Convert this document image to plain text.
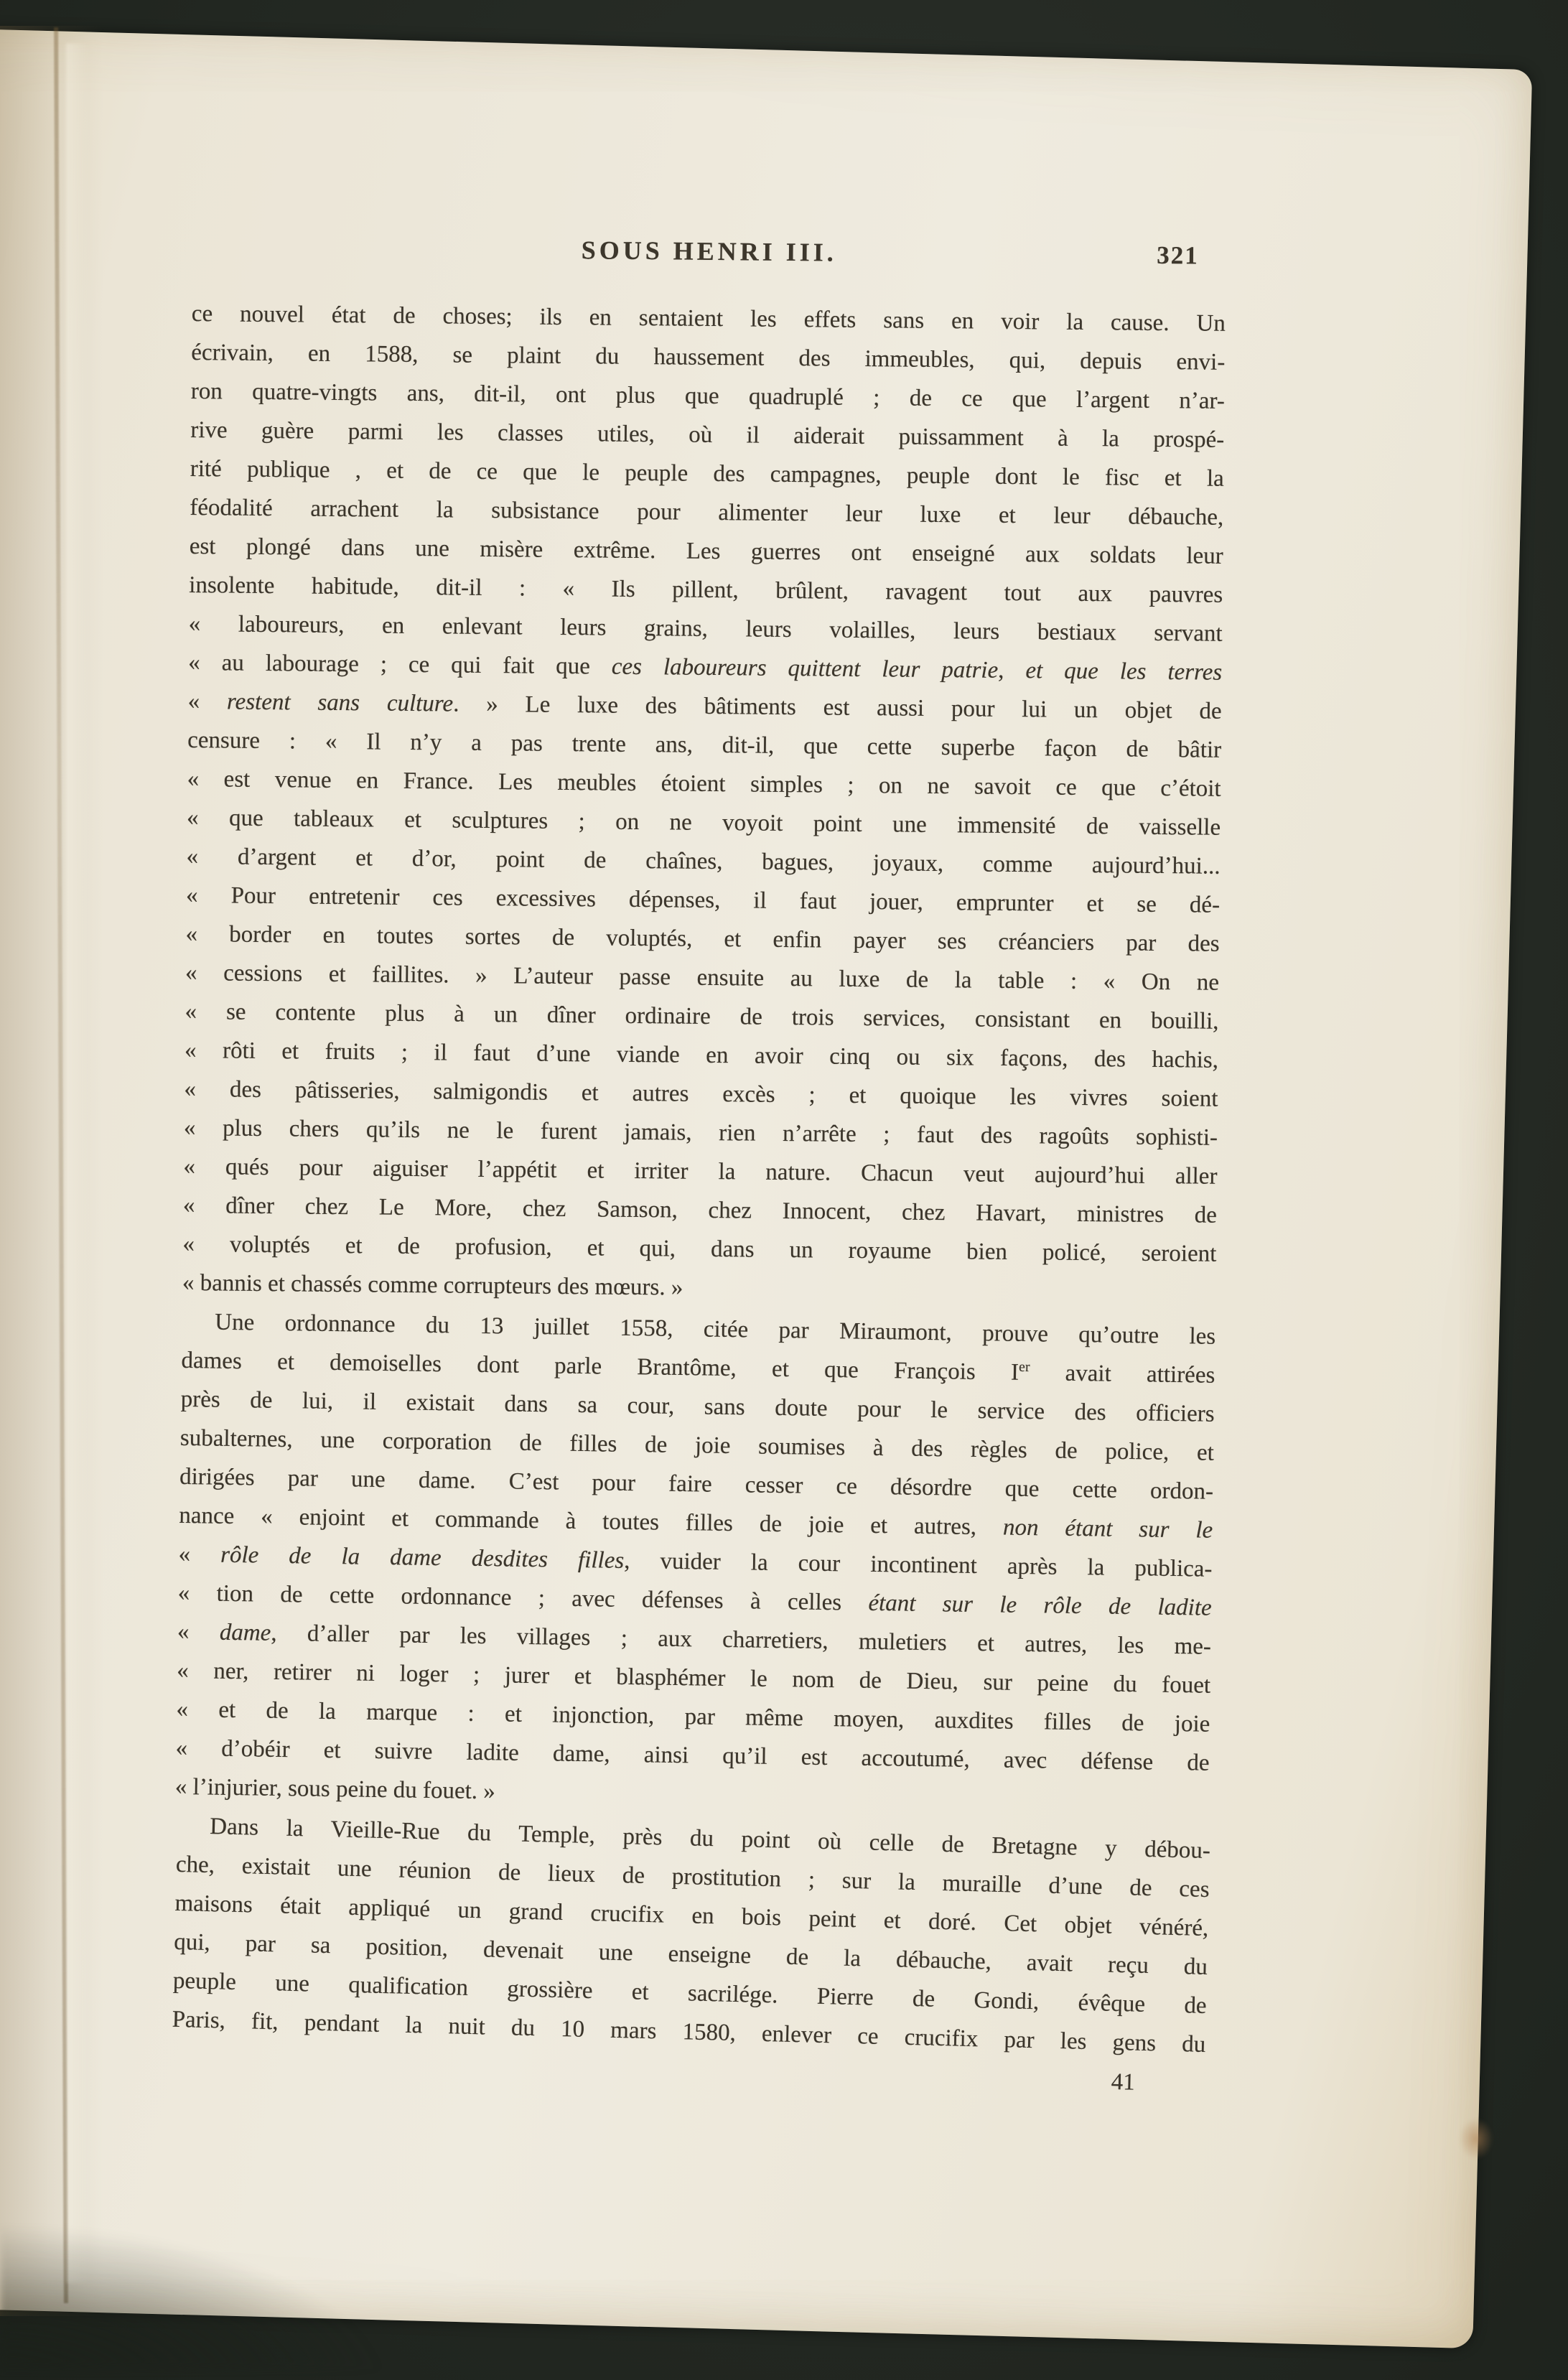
SOUS HENRI III.	321
ce nouvel état de choses; ils en sentaient les effets sans en voir la cause. Un
écrivain, en 1588, se plaint du haussement des immeubles, qui, depuis envi-
ron quatre-vingts ans, dit-il, ont plus que quadruplé ; de ce que l’argent n’ar-
rive guère parmi les classes utiles, où il aiderait puissamment à la prospé-
rité publique , et de ce que le peuple des campagnes, peuple dont le fisc et la
féodalité arrachent la subsistance pour alimenter leur luxe et leur débauche,
est plongé dans une misère extrême. Les guerres ont enseigné aux soldats leur
insolente habitude, dit-il : « Ils pillent, brûlent, ravagent tout aux pauvres
« laboureurs, en enlevant leurs grains, leurs volailles, leurs bestiaux servant
« au labourage ; ce qui fait que ces laboureurs quittent leur patrie, et que les terres
« restent sans culture. » Le luxe des bâtiments est aussi pour lui un objet de
censure : « Il n’y a pas trente ans, dit-il, que cette superbe façon de bâtir
« est venue en France. Les meubles étoient simples ; on ne savoit ce que c’étoit
« que tableaux et sculptures ; on ne voyoit point une immensité de vaisselle
« d’argent et d’or, point de chaînes, bagues, joyaux, comme aujourd’hui...
« Pour entretenir ces excessives dépenses, il faut jouer, emprunter et se dé-
« border en toutes sortes de voluptés, et enfin payer ses créanciers par des
« cessions et faillites. » L’auteur passe ensuite au luxe de la table : « On ne
« se contente plus à un dîner ordinaire de trois services, consistant en bouilli,
« rôti et fruits ; il faut d’une viande en avoir cinq ou six façons, des hachis,
« des pâtisseries, salmigondis et autres excès ; et quoique les vivres soient
« plus chers qu’ils ne le furent jamais, rien n’arrête ; faut des ragoûts sophisti-
« qués pour aiguiser l’appétit et irriter la nature. Chacun veut aujourd’hui aller
« dîner chez Le More, chez Samson, chez Innocent, chez Havart, ministres de
« voluptés et de profusion, et qui, dans un royaume bien policé, seroient
« bannis et chassés comme corrupteurs des mœurs. »
Une ordonnance du 13 juillet 1558, citée par Miraumont, prouve qu’outre les
dames et demoiselles dont parle Brantôme, et que François Ier avait attirées
près de lui, il existait dans sa cour, sans doute pour le service des officiers
subalternes, une corporation de filles de joie soumises à des règles de police, et
dirigées par une dame. C’est pour faire cesser ce désordre que cette ordon-
nance « enjoint et commande à toutes filles de joie et autres, non étant sur le
« rôle de la dame desdites filles, vuider la cour incontinent après la publica-
« tion de cette ordonnance ; avec défenses à celles étant sur le rôle de ladite
« dame, d’aller par les villages ; aux charretiers, muletiers et autres, les me-
« ner, retirer ni loger ; jurer et blasphémer le nom de Dieu, sur peine du fouet
« et de la marque : et injonction, par même moyen, auxdites filles de joie
« d’obéir et suivre ladite dame, ainsi qu’il est accoutumé, avec défense de
« l’injurier, sous peine du fouet. »
Dans la Vieille-Rue du Temple, près du point où celle de Bretagne y débou-
che, existait une réunion de lieux de prostitution ; sur la muraille d’une de ces
maisons était appliqué un grand crucifix en bois peint et doré. Cet objet vénéré,
qui, par sa position, devenait une enseigne de la débauche, avait reçu du
peuple une qualification grossière et sacrilége. Pierre de Gondi, évêque de
Paris, fit, pendant la nuit du 10 mars 1580, enlever ce crucifix par les gens du
41
